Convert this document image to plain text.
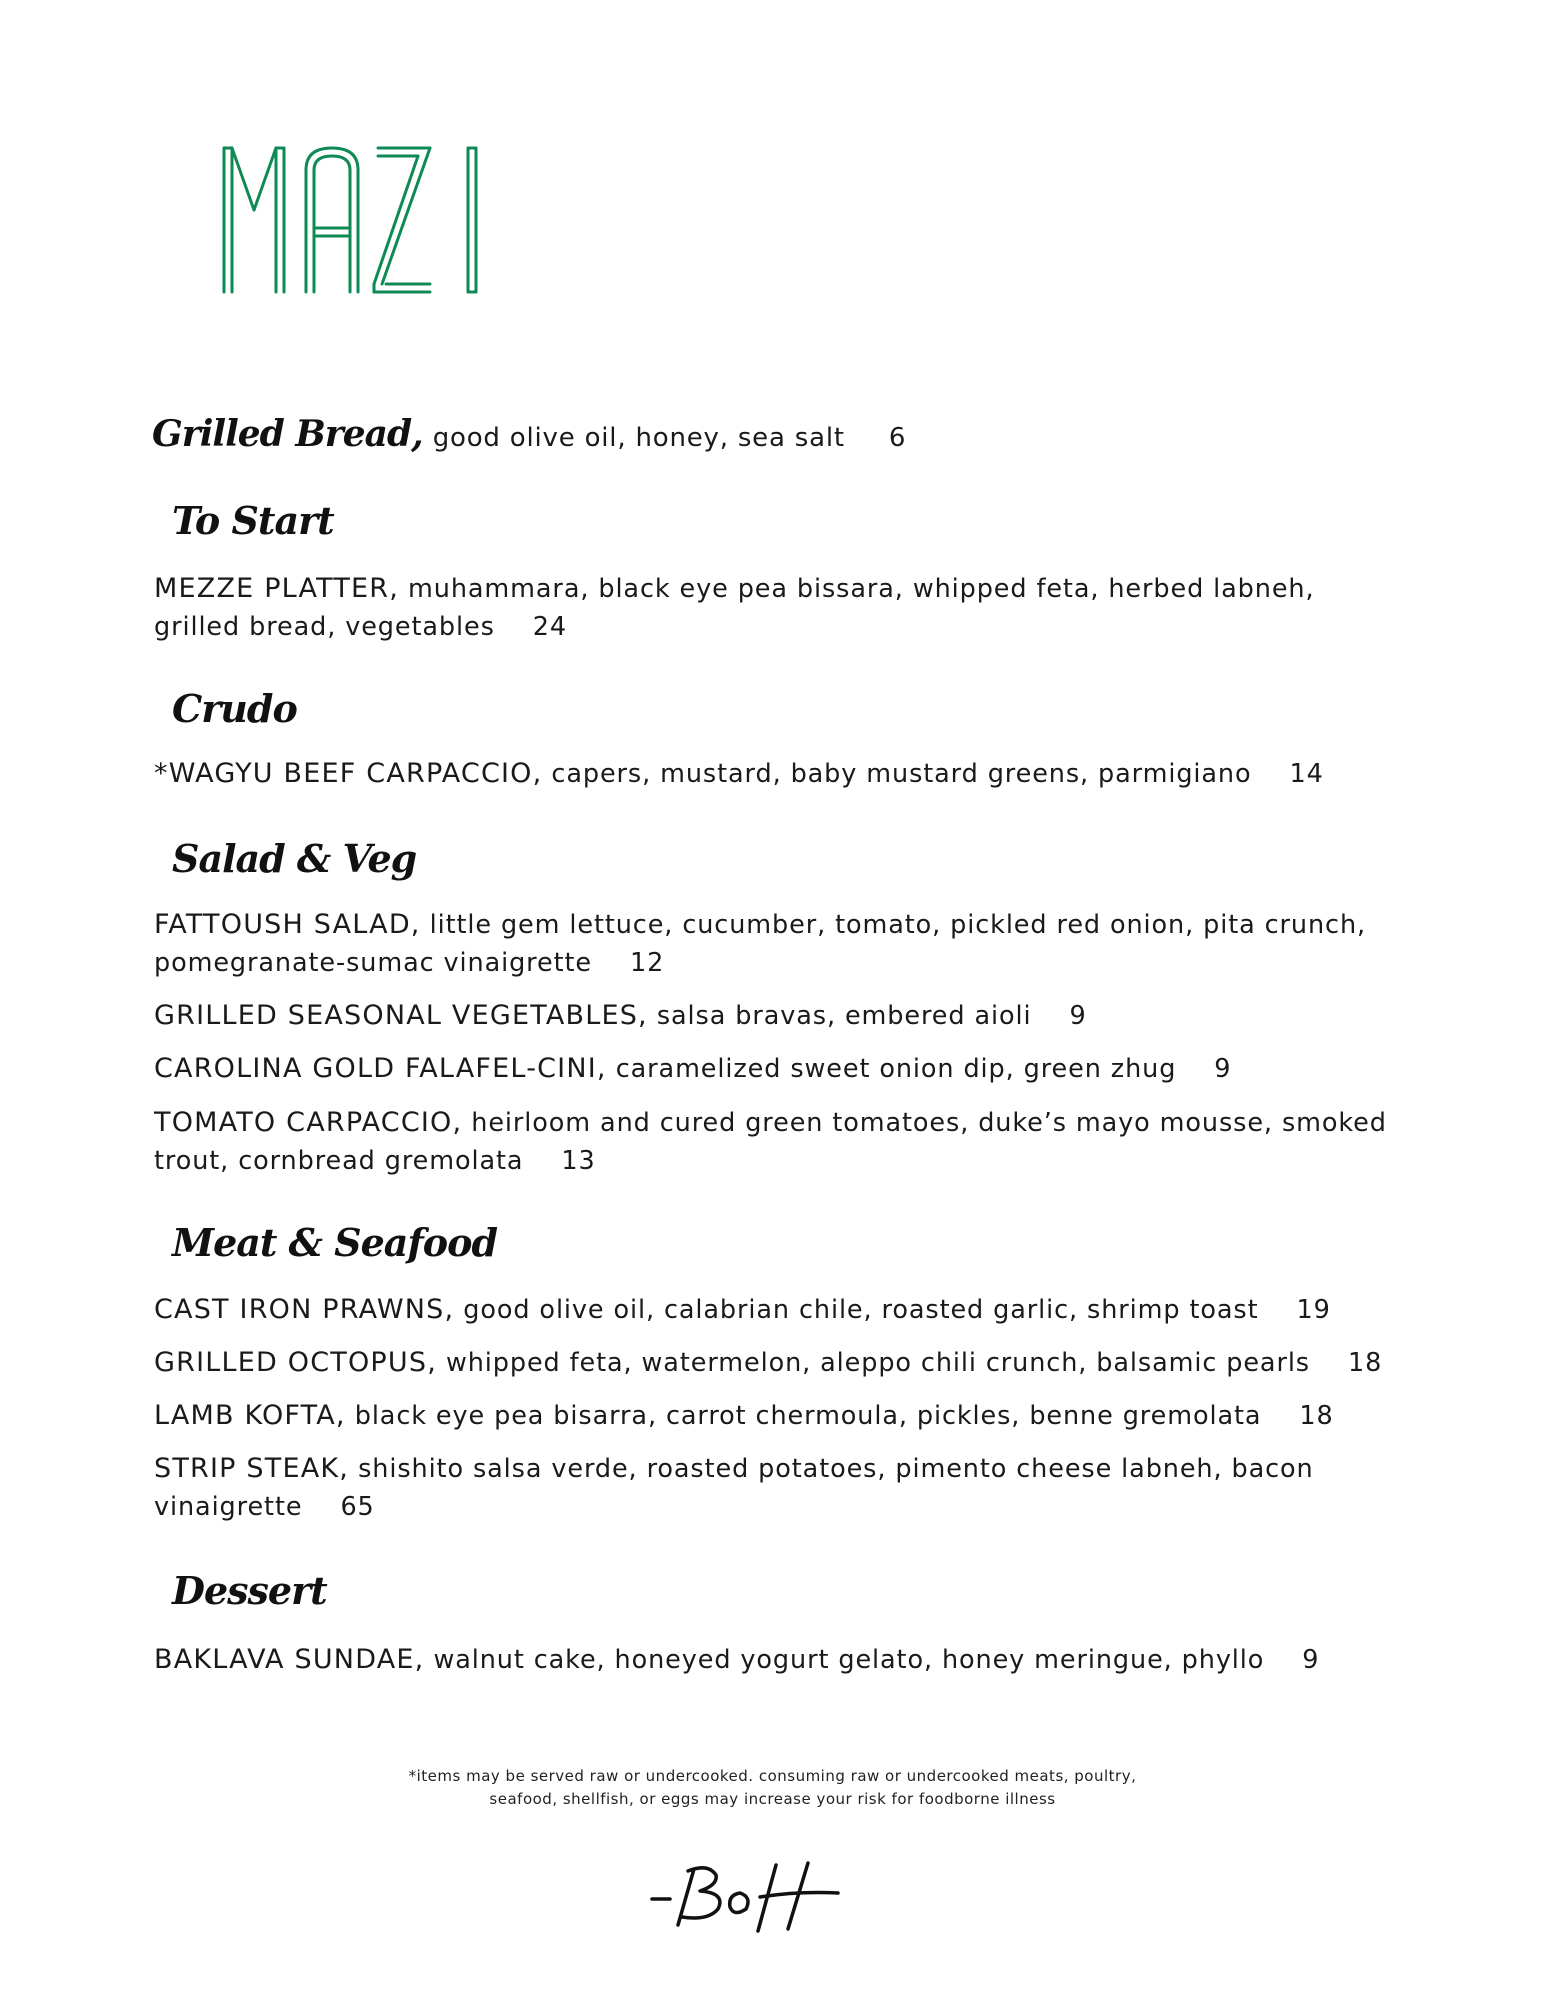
Grilled Bread, good olive oil, honey, sea salt 6
To Start
MEZZE PLATTER, muhammara, black eye pea bissara, whipped feta, herbed labneh, grilled bread, vegetables 24
Crudo
*WAGYU BEEF CARPACCIO, capers, mustard, baby mustard greens, parmigiano 14
Salad & Veg
FATTOUSH SALAD, little gem lettuce, cucumber, tomato, pickled red onion, pita crunch, pomegranate-sumac vinaigrette 12
GRILLED SEASONAL VEGETABLES, salsa bravas, embered aioli 9
CAROLINA GOLD FALAFEL-CINI, caramelized sweet onion dip, green zhug 9
TOMATO CARPACCIO, heirloom and cured green tomatoes, duke’s mayo mousse, smoked trout, cornbread gremolata 13
Meat & Seafood
CAST IRON PRAWNS, good olive oil, calabrian chile, roasted garlic, shrimp toast 19
GRILLED OCTOPUS, whipped feta, watermelon, aleppo chili crunch, balsamic pearls 18
LAMB KOFTA, black eye pea bisarra, carrot chermoula, pickles, benne gremolata 18
STRIP STEAK, shishito salsa verde, roasted potatoes, pimento cheese labneh, bacon vinaigrette 65
Dessert
BAKLAVA SUNDAE, walnut cake, honeyed yogurt gelato, honey meringue, phyllo 9
*items may be served raw or undercooked. consuming raw or undercooked meats, poultry,
seafood, shellfish, or eggs may increase your risk for foodborne illness
